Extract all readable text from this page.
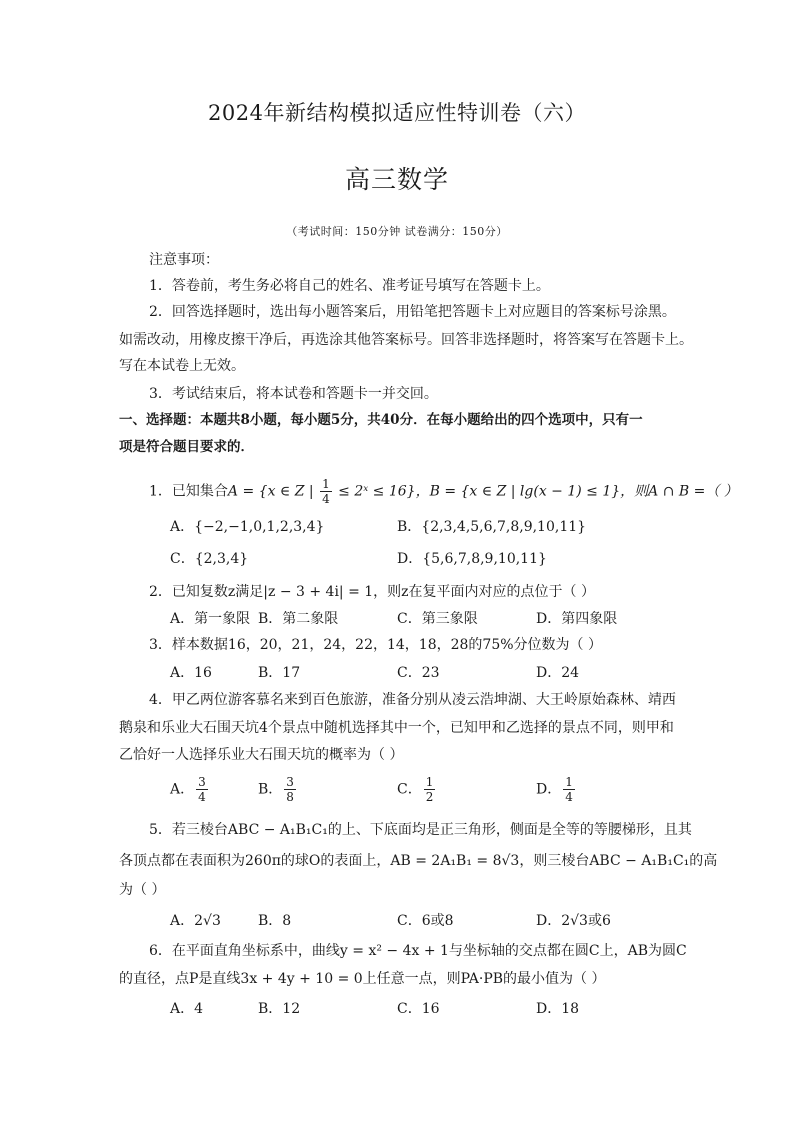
2024年新结构模拟适应性特训卷（六）
高三数学
（考试时间：150分钟 试卷满分：150分）
注意事项：
1．答卷前，考生务必将自己的姓名、准考证号填写在答题卡上。
2．回答选择题时，选出每小题答案后，用铅笔把答题卡上对应题目的答案标号涂黑。
如需改动，用橡皮擦干净后，再选涂其他答案标号。回答非选择题时，将答案写在答题卡上。
写在本试卷上无效。
3．考试结束后，将本试卷和答题卡一并交回。
一、选择题：本题共8小题，每小题5分，共40分．在每小题给出的四个选项中，只有一
项是符合题目要求的．
1．已知集合A = {x ∈ Z | $\frac{1}{4}$ ≤ 2ˣ ≤ 16}，B = {x ∈ Z | lg(x − 1) ≤ 1}，则A ∩ B =（ ）
A．{−2,−1,0,1,2,3,4}	B．{2,3,4,5,6,7,8,9,10,11}
C．{2,3,4}	D．{5,6,7,8,9,10,11}
2．已知复数z满足|z − 3 + 4i| = 1，则z在复平面内对应的点位于（ ）
A．第一象限 B．第二象限	C．第三象限	D．第四象限
3．样本数据16，20，21，24，22，14，18，28的75%分位数为（ ）
A．16	B．17	C．23	D．24
4．甲乙两位游客慕名来到百色旅游，准备分别从凌云浩坤湖、大王岭原始森林、靖西
鹅泉和乐业大石围天坑4个景点中随机选择其中一个，已知甲和乙选择的景点不同，则甲和
乙恰好一人选择乐业大石围天坑的概率为（ ）
A． $\frac{3}{4}$	B． $\frac{3}{8}$	C． $\frac{1}{2}$	D． $\frac{1}{4}$
5．若三棱台ABC − A₁B₁C₁的上、下底面均是正三角形，侧面是全等的等腰梯形，且其
各顶点都在表面积为260π的球O的表面上，AB = 2A₁B₁ = 8√3，则三棱台ABC − A₁B₁C₁的高
为（ ）
A．2√3	B．8	C．6或8	D．2√3或6
6．在平面直角坐标系中，曲线y = x² − 4x + 1与坐标轴的交点都在圆C上，AB为圆C
的直径，点P是直线3x + 4y + 10 = 0上任意一点，则PA·PB的最小值为（ ）
A．4	B．12	C．16	D．18
